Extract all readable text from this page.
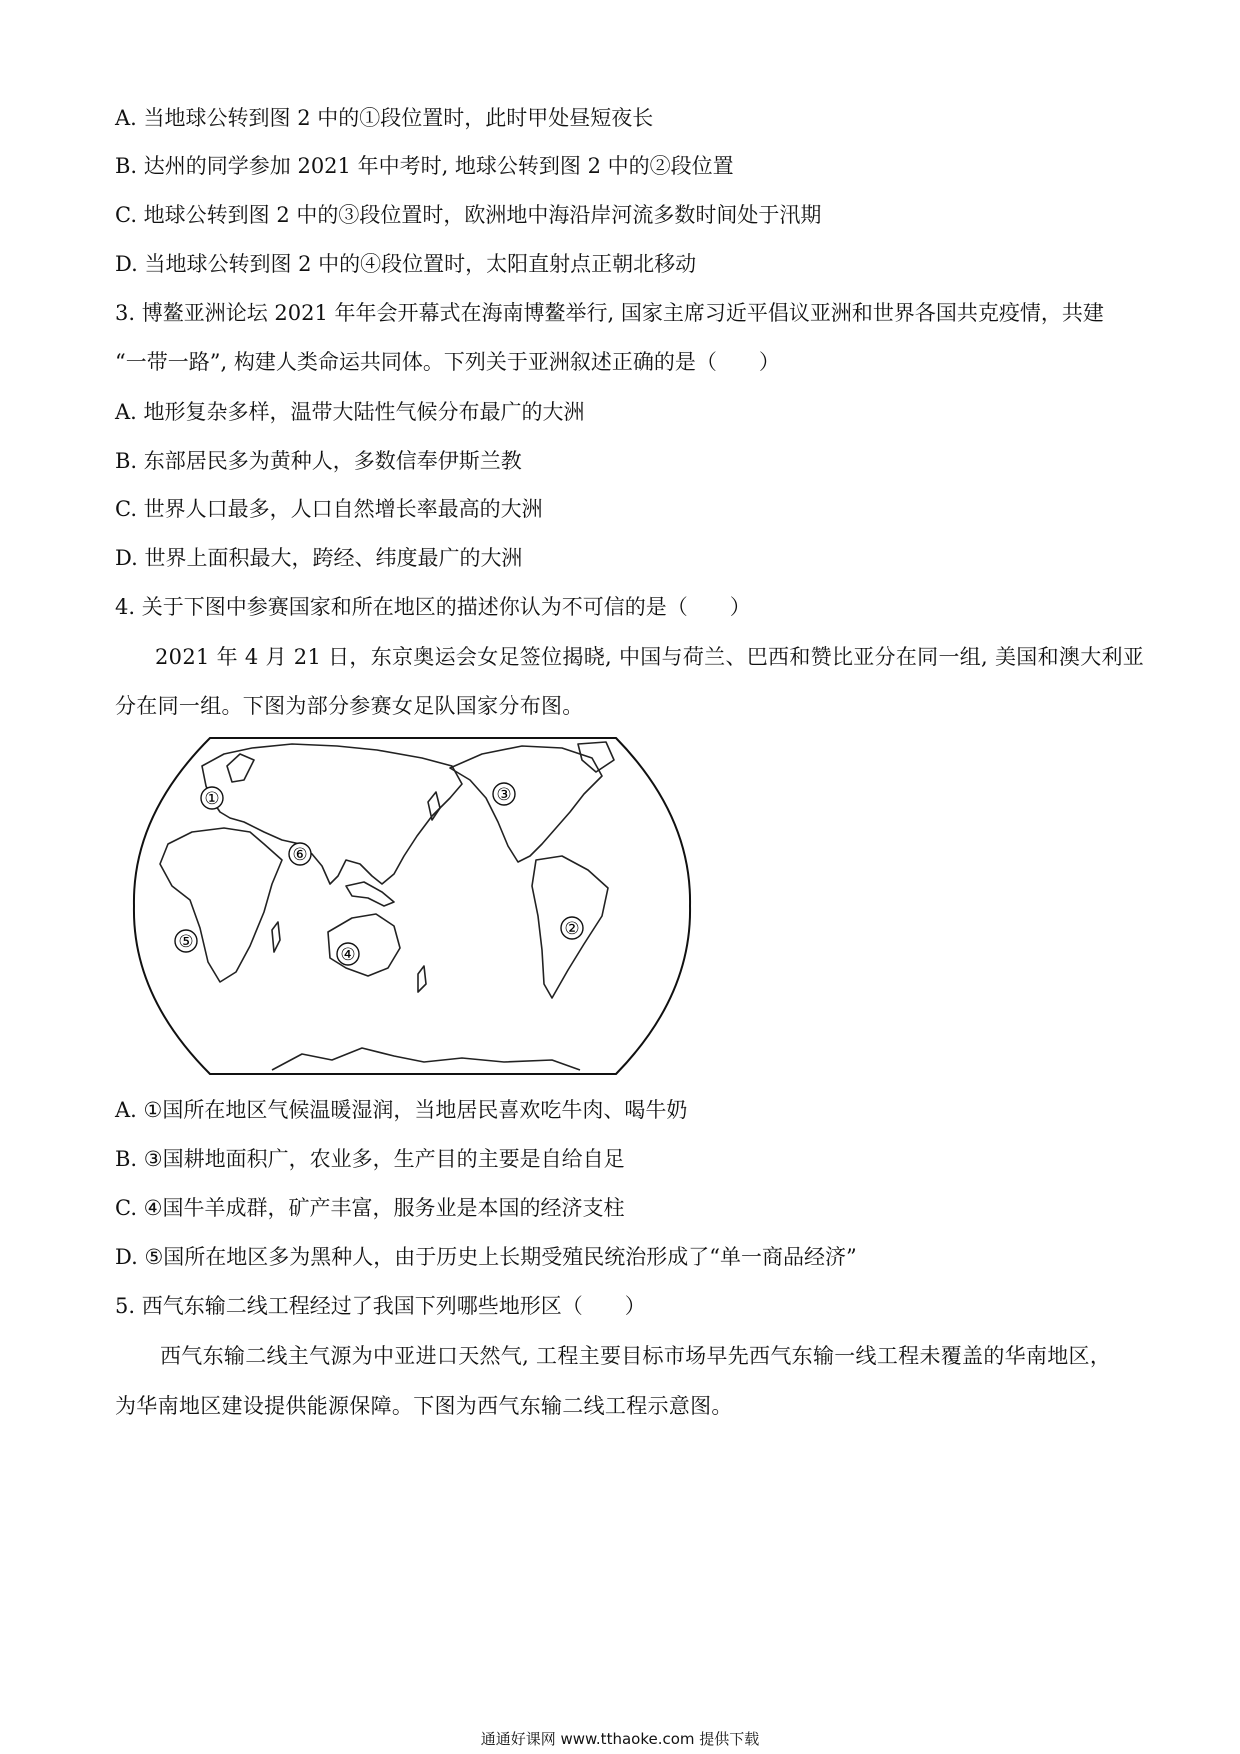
A. 当地球公转到图 2 中的①段位置时，此时甲处昼短夜长
B. 达州的同学参加 2021 年中考时, 地球公转到图 2 中的②段位置
C. 地球公转到图 2 中的③段位置时，欧洲地中海沿岸河流多数时间处于汛期
D. 当地球公转到图 2 中的④段位置时，太阳直射点正朝北移动
3. 博鳌亚洲论坛 2021 年年会开幕式在海南博鳌举行, 国家主席习近平倡议亚洲和世界各国共克疫情，共建
“一带一路”, 构建人类命运共同体。下列关于亚洲叙述正确的是（　　）
A. 地形复杂多样，温带大陆性气候分布最广的大洲
B. 东部居民多为黄种人，多数信奉伊斯兰教
C. 世界人口最多，人口自然增长率最高的大洲
D. 世界上面积最大，跨经、纬度最广的大洲
4. 关于下图中参赛国家和所在地区的描述你认为不可信的是（　　）
2021 年 4 月 21 日，东京奥运会女足签位揭晓, 中国与荷兰、巴西和赞比亚分在同一组, 美国和澳大利亚
分在同一组。下图为部分参赛女足队国家分布图。
①
②
③
④
⑤
⑥
A. ①国所在地区气候温暖湿润，当地居民喜欢吃牛肉、喝牛奶
B. ③国耕地面积广，农业多，生产目的主要是自给自足
C. ④国牛羊成群，矿产丰富，服务业是本国的经济支柱
D. ⑤国所在地区多为黑种人，由于历史上长期受殖民统治形成了“单一商品经济”
5. 西气东输二线工程经过了我国下列哪些地形区（　　）
西气东输二线主气源为中亚进口天然气, 工程主要目标市场早先西气东输一线工程未覆盖的华南地区，
为华南地区建设提供能源保障。下图为西气东输二线工程示意图。
通通好课网 www.tthaoke.com 提供下载
